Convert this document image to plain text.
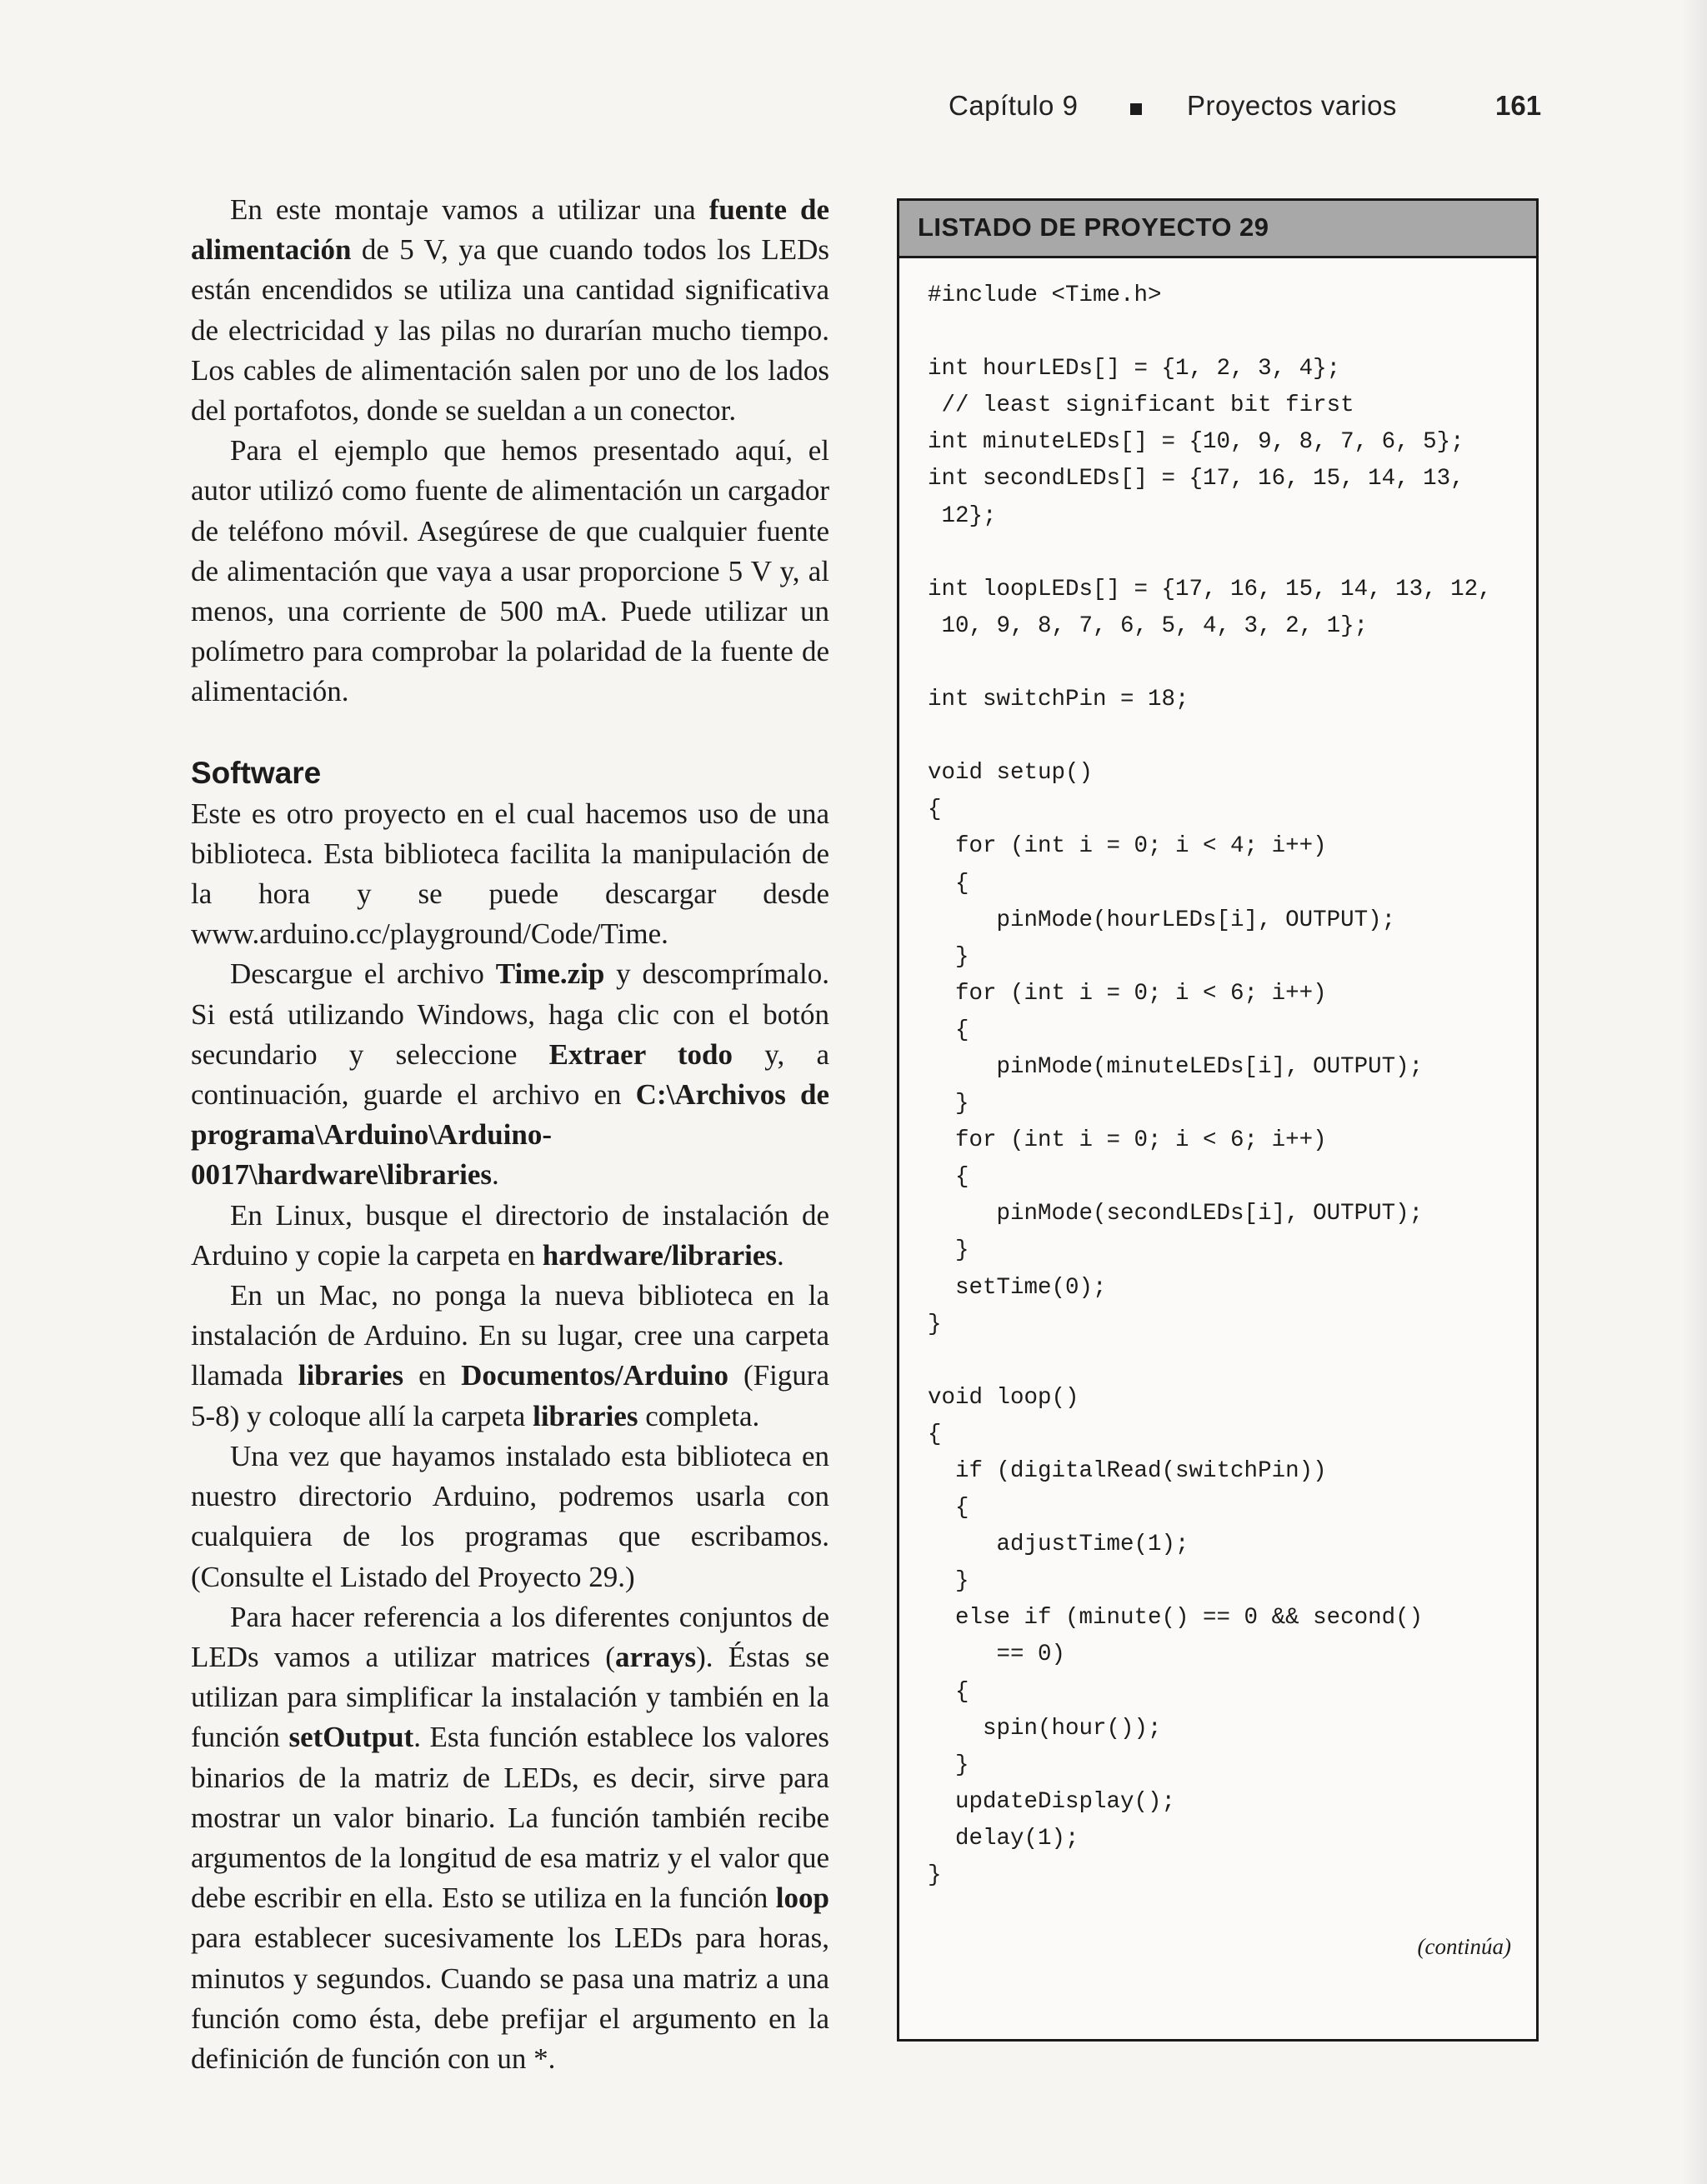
Capítulo 9	Proyectos varios	161

En este montaje vamos a utilizar una fuente de alimentación de 5 V, ya que cuando todos los LEDs están encendidos se utiliza una cantidad significativa de electricidad y las pilas no durarían mucho tiempo. Los cables de alimentación salen por uno de los lados del portafotos, donde se sueldan a un conector.

Para el ejemplo que hemos presentado aquí, el autor utilizó como fuente de alimentación un cargador de teléfono móvil. Asegúrese de que cualquier fuente de alimentación que vaya a usar proporcione 5 V y, al menos, una corriente de 500 mA. Puede utilizar un polímetro para comprobar la polaridad de la fuente de alimentación.

Software

Este es otro proyecto en el cual hacemos uso de una biblioteca. Esta biblioteca facilita la manipulación de la hora y se puede descargar desde www.arduino.cc/playground/Code/Time.

Descargue el archivo Time.zip y descomprímalo. Si está utilizando Windows, haga clic con el botón secundario y seleccione Extraer todo y, a continuación, guarde el archivo en C:\Archivos de programa\Arduino\Arduino-0017\hardware\libraries.

En Linux, busque el directorio de instalación de Arduino y copie la carpeta en hardware/libraries.

En un Mac, no ponga la nueva biblioteca en la instalación de Arduino. En su lugar, cree una carpeta llamada libraries en Documentos/Arduino (Figura 5-8) y coloque allí la carpeta libraries completa.

Una vez que hayamos instalado esta biblioteca en nuestro directorio Arduino, podremos usarla con cualquiera de los programas que escribamos. (Consulte el Listado del Proyecto 29.)

Para hacer referencia a los diferentes conjuntos de LEDs vamos a utilizar matrices (arrays). Éstas se utilizan para simplificar la instalación y también en la función setOutput. Esta función establece los valores binarios de la matriz de LEDs, es decir, sirve para mostrar un valor binario. La función también recibe argumentos de la longitud de esa matriz y el valor que debe escribir en ella. Esto se utiliza en la función loop para establecer sucesivamente los LEDs para horas, minutos y segundos. Cuando se pasa una matriz a una función como ésta, debe prefijar el argumento en la definición de función con un *.

LISTADO DE PROYECTO 29
#include <Time.h>

int hourLEDs[] = {1, 2, 3, 4};
// least significant bit first
int minuteLEDs[] = {10, 9, 8, 7, 6, 5};
int secondLEDs[] = {17, 16, 15, 14, 13,
12};

int loopLEDs[] = {17, 16, 15, 14, 13, 12,
10, 9, 8, 7, 6, 5, 4, 3, 2, 1};

int switchPin = 18;

void setup()
{
for (int i = 0; i < 4; i++)
{
pinMode(hourLEDs[i], OUTPUT);
}
for (int i = 0; i < 6; i++)
{
pinMode(minuteLEDs[i], OUTPUT);
}
for (int i = 0; i < 6; i++)
{
pinMode(secondLEDs[i], OUTPUT);
}
setTime(0);
}

void loop()
{
if (digitalRead(switchPin))
{
adjustTime(1);
}
else if (minute() == 0 && second()
== 0)
{
spin(hour());
}
updateDisplay();
delay(1);
}
(continúa)
